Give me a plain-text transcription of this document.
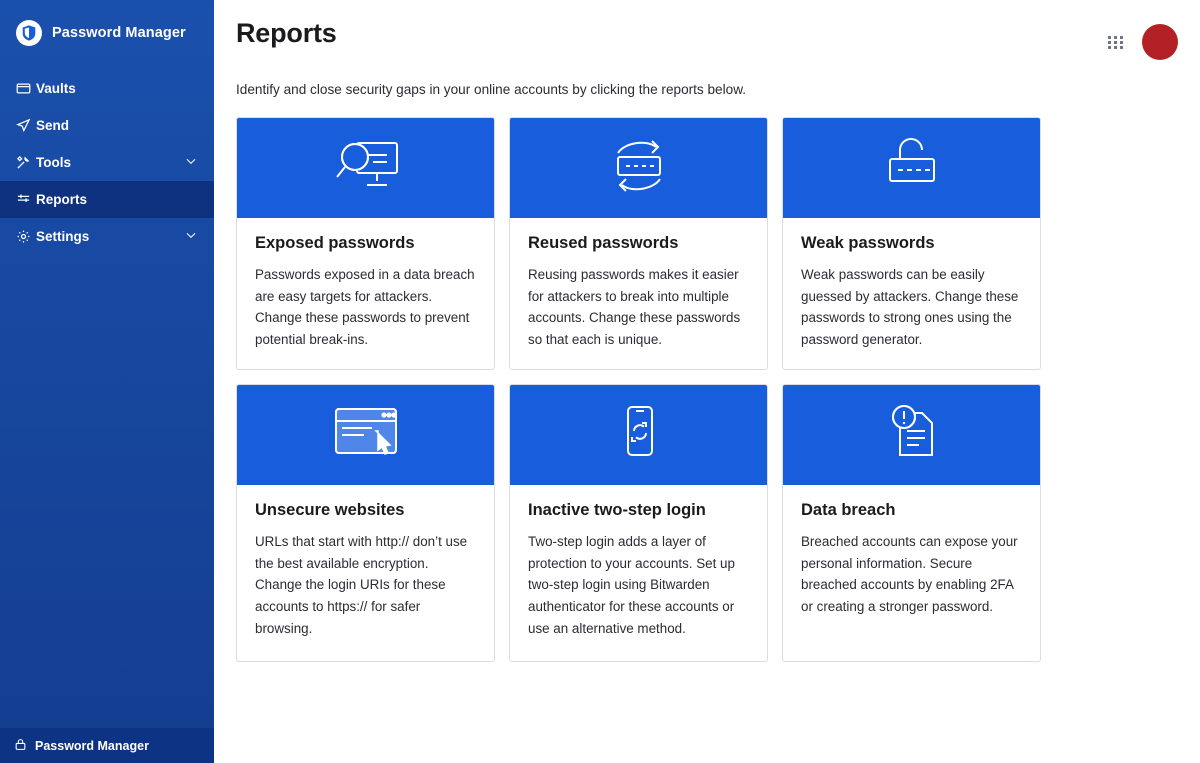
Password Manager
Vaults
Send
Tools
Reports
Settings
Password Manager
Reports

Identify and close security gaps in your online accounts by clicking the reports below.

Exposed passwords
Passwords exposed in a data breach are easy targets for attackers. Change these passwords to prevent potential break-ins.
Reused passwords
Reusing passwords makes it easier for attackers to break into multiple accounts. Change these passwords so that each is unique.
Weak passwords
Weak passwords can be easily guessed by attackers. Change these passwords to strong ones using the password generator.
Unsecure websites
URLs that start with http:// don’t use the best available encryption. Change the login URIs for these accounts to https:// for safer browsing.
Inactive two-step login
Two-step login adds a layer of protection to your accounts. Set up two-step login using Bitwarden authenticator for these accounts or use an alternative method.
Data breach
Breached accounts can expose your personal information. Secure breached accounts by enabling 2FA or creating a stronger password.
